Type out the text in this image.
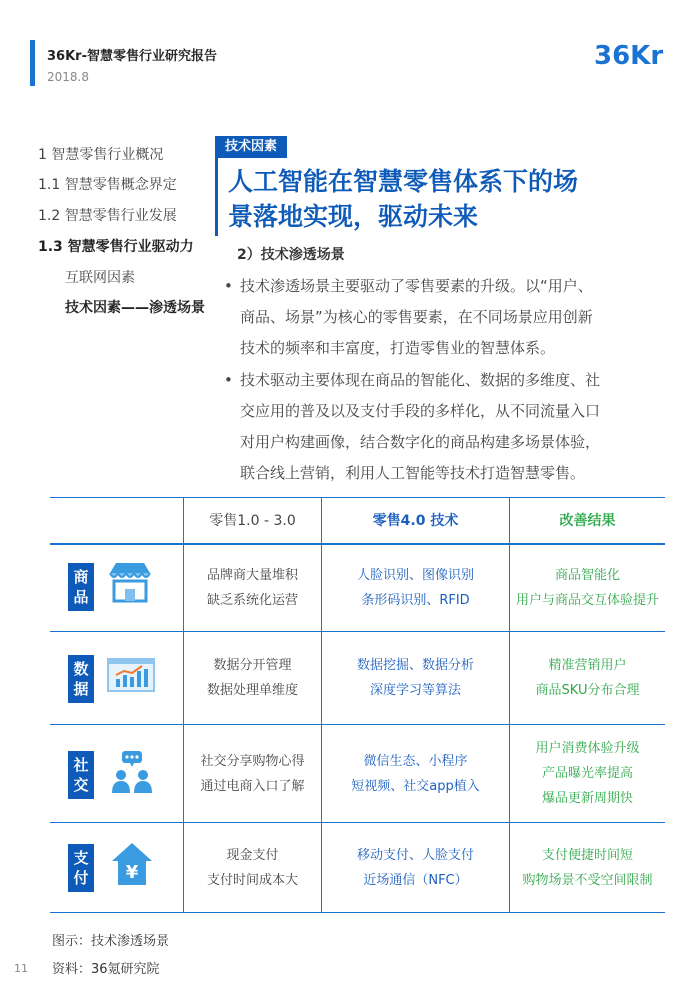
36Kr-智慧零售行业研究报告
2018.8
36Kr
1 智慧零售行业概况
1.1 智慧零售概念界定
1.2 智慧零售行业发展
1.3 智慧零售行业驱动力
互联网因素
技术因素——渗透场景
技术因素
人工智能在智慧零售体系下的场
景落地实现，驱动未来
2）技术渗透场景
• 技术渗透场景主要驱动了零售要素的升级。以“用户、
商品、场景”为核心的零售要素，在不同场景应用创新
技术的频率和丰富度，打造零售业的智慧体系。
• 技术驱动主要体现在商品的智能化、数据的多维度、社
交应用的普及以及支付手段的多样化，从不同流量入口
对用户构建画像，结合数字化的商品构建多场景体验，
联合线上营销，利用人工智能等技术打造智慧零售。
零售1.0 - 3.0	零售4.0 技术	改善结果
商
品
品牌商大量堆积
缺乏系统化运营
人脸识别、图像识别
条形码识别、RFID
商品智能化
用户与商品交互体验提升
数
据
数据分开管理
数据处理单维度
数据挖掘、数据分析
深度学习等算法
精准营销用户
商品SKU分布合理
社
交
社交分享购物心得
通过电商入口了解
微信生态、小程序
短视频、社交app植入
用户消费体验升级
产品曝光率提高
爆品更新周期快
支
付 ¥
现金支付
支付时间成本大
移动支付、人脸支付
近场通信（NFC）
支付便捷时间短
购物场景不受空间限制
图示：技术渗透场景
11 资料：36氪研究院
